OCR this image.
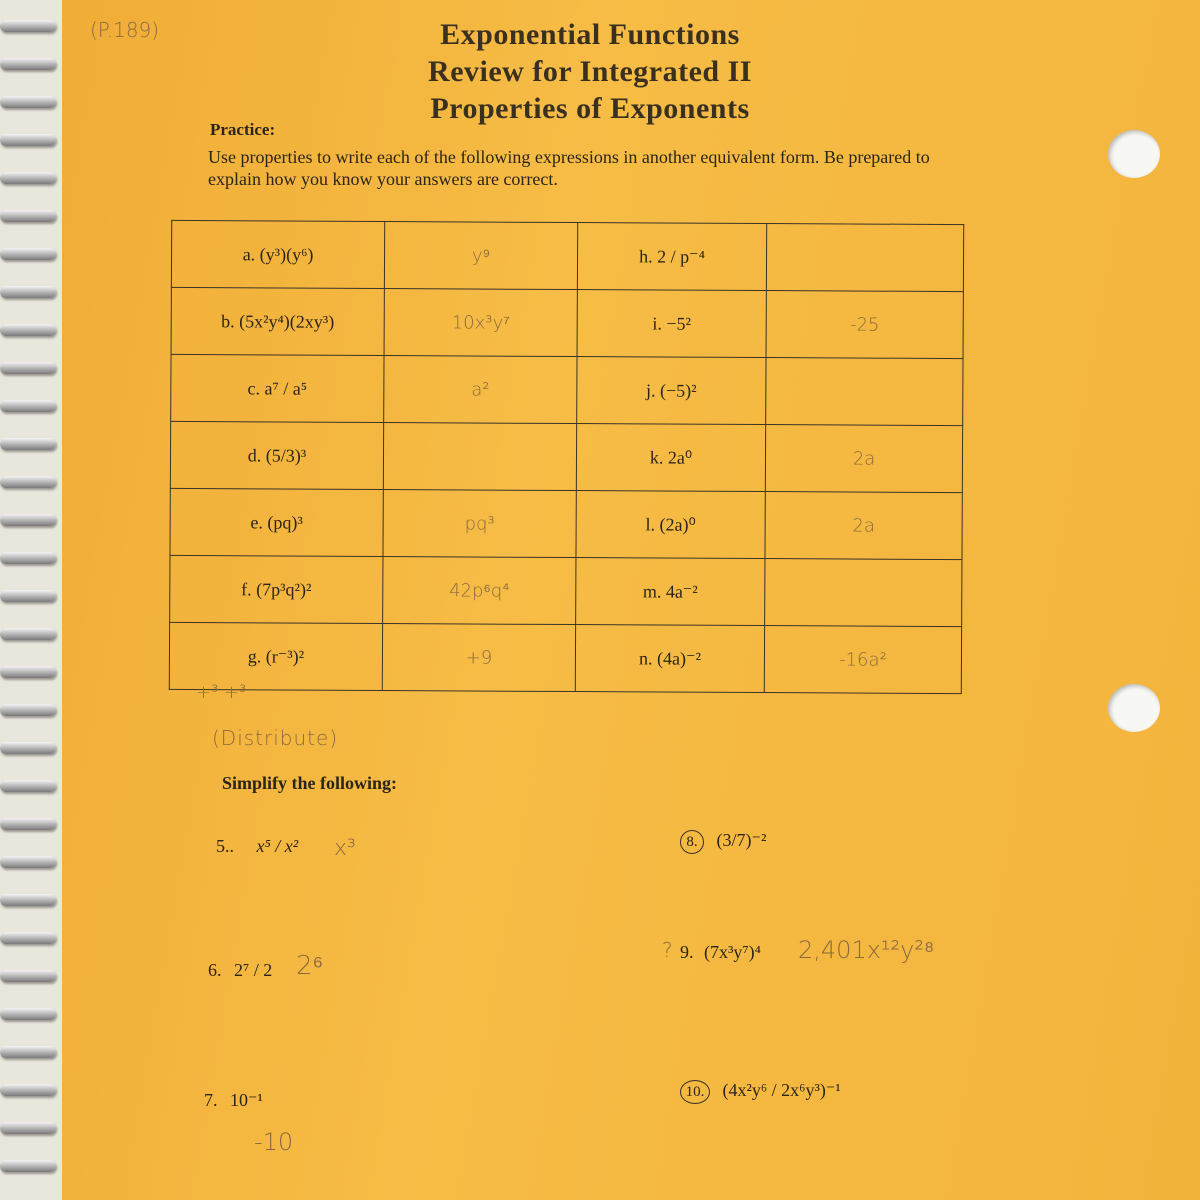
(P.189)	Exponential Functions
Review for Integrated II
Properties of Exponents
Practice:
Use properties to write each of the following expressions in another equivalent form. Be prepared to explain how you know your answers are correct.
a. (y³)(y⁶)	y⁹	h. 2 / p⁻⁴	
b. (5x²y⁴)(2xy³)	10x³y⁷	i. −5²	-25
c. a⁷ / a⁵	a²	j. (−5)²	
d. (5/3)³		k. 2a⁰	2a
e. (pq)³	pq³	l. (2a)⁰	2a
f. (7p³q²)²	42p⁶q⁴	m. 4a⁻²	
g. (r⁻³)²	+9	n. (4a)⁻²	-16a²
+³ +³
(Distribute)
Simplify the following:
5.. x⁵ / x² x³
6. 2⁷ / 2 2⁶
7. 10⁻¹
-10
8. (3/7)⁻²
? 9. (7x³y⁷)⁴ 2,401x¹²y²⁸
10. (4x²y⁶ / 2x⁶y³)⁻¹
